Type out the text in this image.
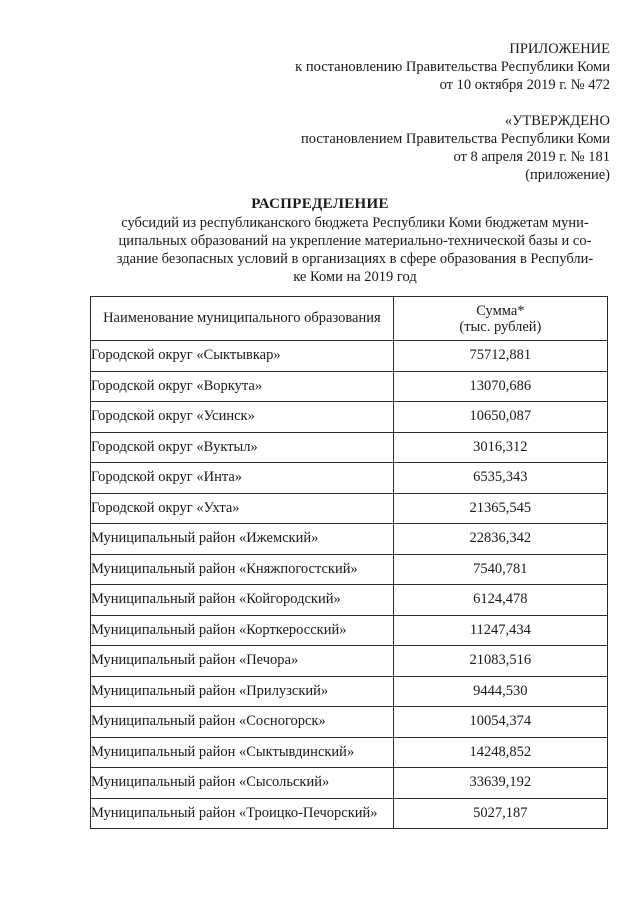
ПРИЛОЖЕНИЕ
к постановлению Правительства Республики Коми
от 10 октября 2019 г. № 472
«УТВЕРЖДЕНО
постановлением Правительства Республики Коми
от 8 апреля 2019 г. № 181
(приложение)
РАСПРЕДЕЛЕНИЕ
субсидий из республиканского бюджета Республики Коми бюджетам муни-
ципальных образований на укрепление материально-технической базы и со-
здание безопасных условий в организациях в сфере образования в Республи-
ке Коми на 2019 год
Наименование муниципального образования	Сумма*
(тыс. рублей)

Городской округ «Сыктывкар»	75712,881
Городской округ «Воркута»	13070,686
Городской округ «Усинск»	10650,087
Городской округ «Вуктыл»	3016,312
Городской округ «Инта»	6535,343
Городской округ «Ухта»	21365,545
Муниципальный район «Ижемский»	22836,342
Муниципальный район «Княжпогостский»	7540,781
Муниципальный район «Койгородский»	6124,478
Муниципальный район «Корткеросский»	11247,434
Муниципальный район «Печора»	21083,516
Муниципальный район «Прилузский»	9444,530
Муниципальный район «Сосногорск»	10054,374
Муниципальный район «Сыктывдинский»	14248,852
Муниципальный район «Сысольский»	33639,192
Муниципальный район «Троицко-Печорский»	5027,187
